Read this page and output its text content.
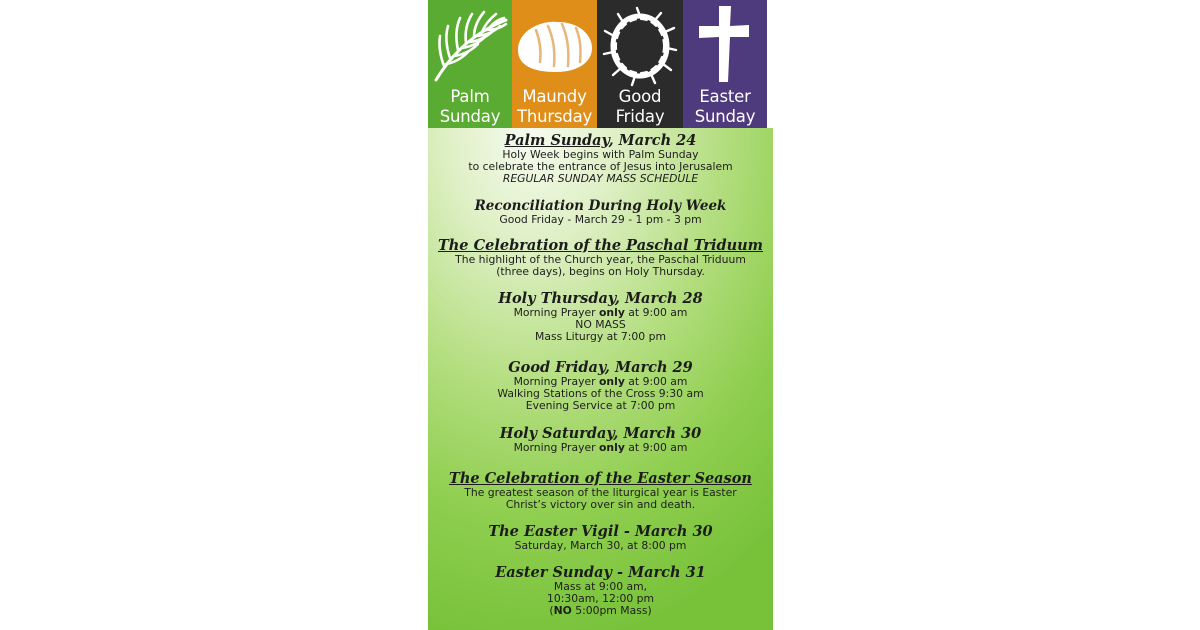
Palm
Sunday
Maundy
Thursday
Good
Friday
Easter
Sunday
Palm Sunday, March 24
Holy Week begins with Palm Sunday
to celebrate the entrance of Jesus into Jerusalem
REGULAR SUNDAY MASS SCHEDULE
Reconciliation During Holy Week
Good Friday - March 29 - 1 pm - 3 pm
The Celebration of the Paschal Triduum
The highlight of the Church year, the Paschal Triduum
(three days), begins on Holy Thursday.
Holy Thursday, March 28
Morning Prayer only at 9:00 am
NO MASS
Mass Liturgy at 7:00 pm
Good Friday, March 29
Morning Prayer only at 9:00 am
Walking Stations of the Cross 9:30 am
Evening Service at 7:00 pm
Holy Saturday, March 30
Morning Prayer only at 9:00 am
The Celebration of the Easter Season
The greatest season of the liturgical year is Easter
Christ’s victory over sin and death.
The Easter Vigil - March 30
Saturday, March 30, at 8:00 pm
Easter Sunday - March 31
Mass at 9:00 am,
10:30am, 12:00 pm
(NO 5:00pm Mass)
